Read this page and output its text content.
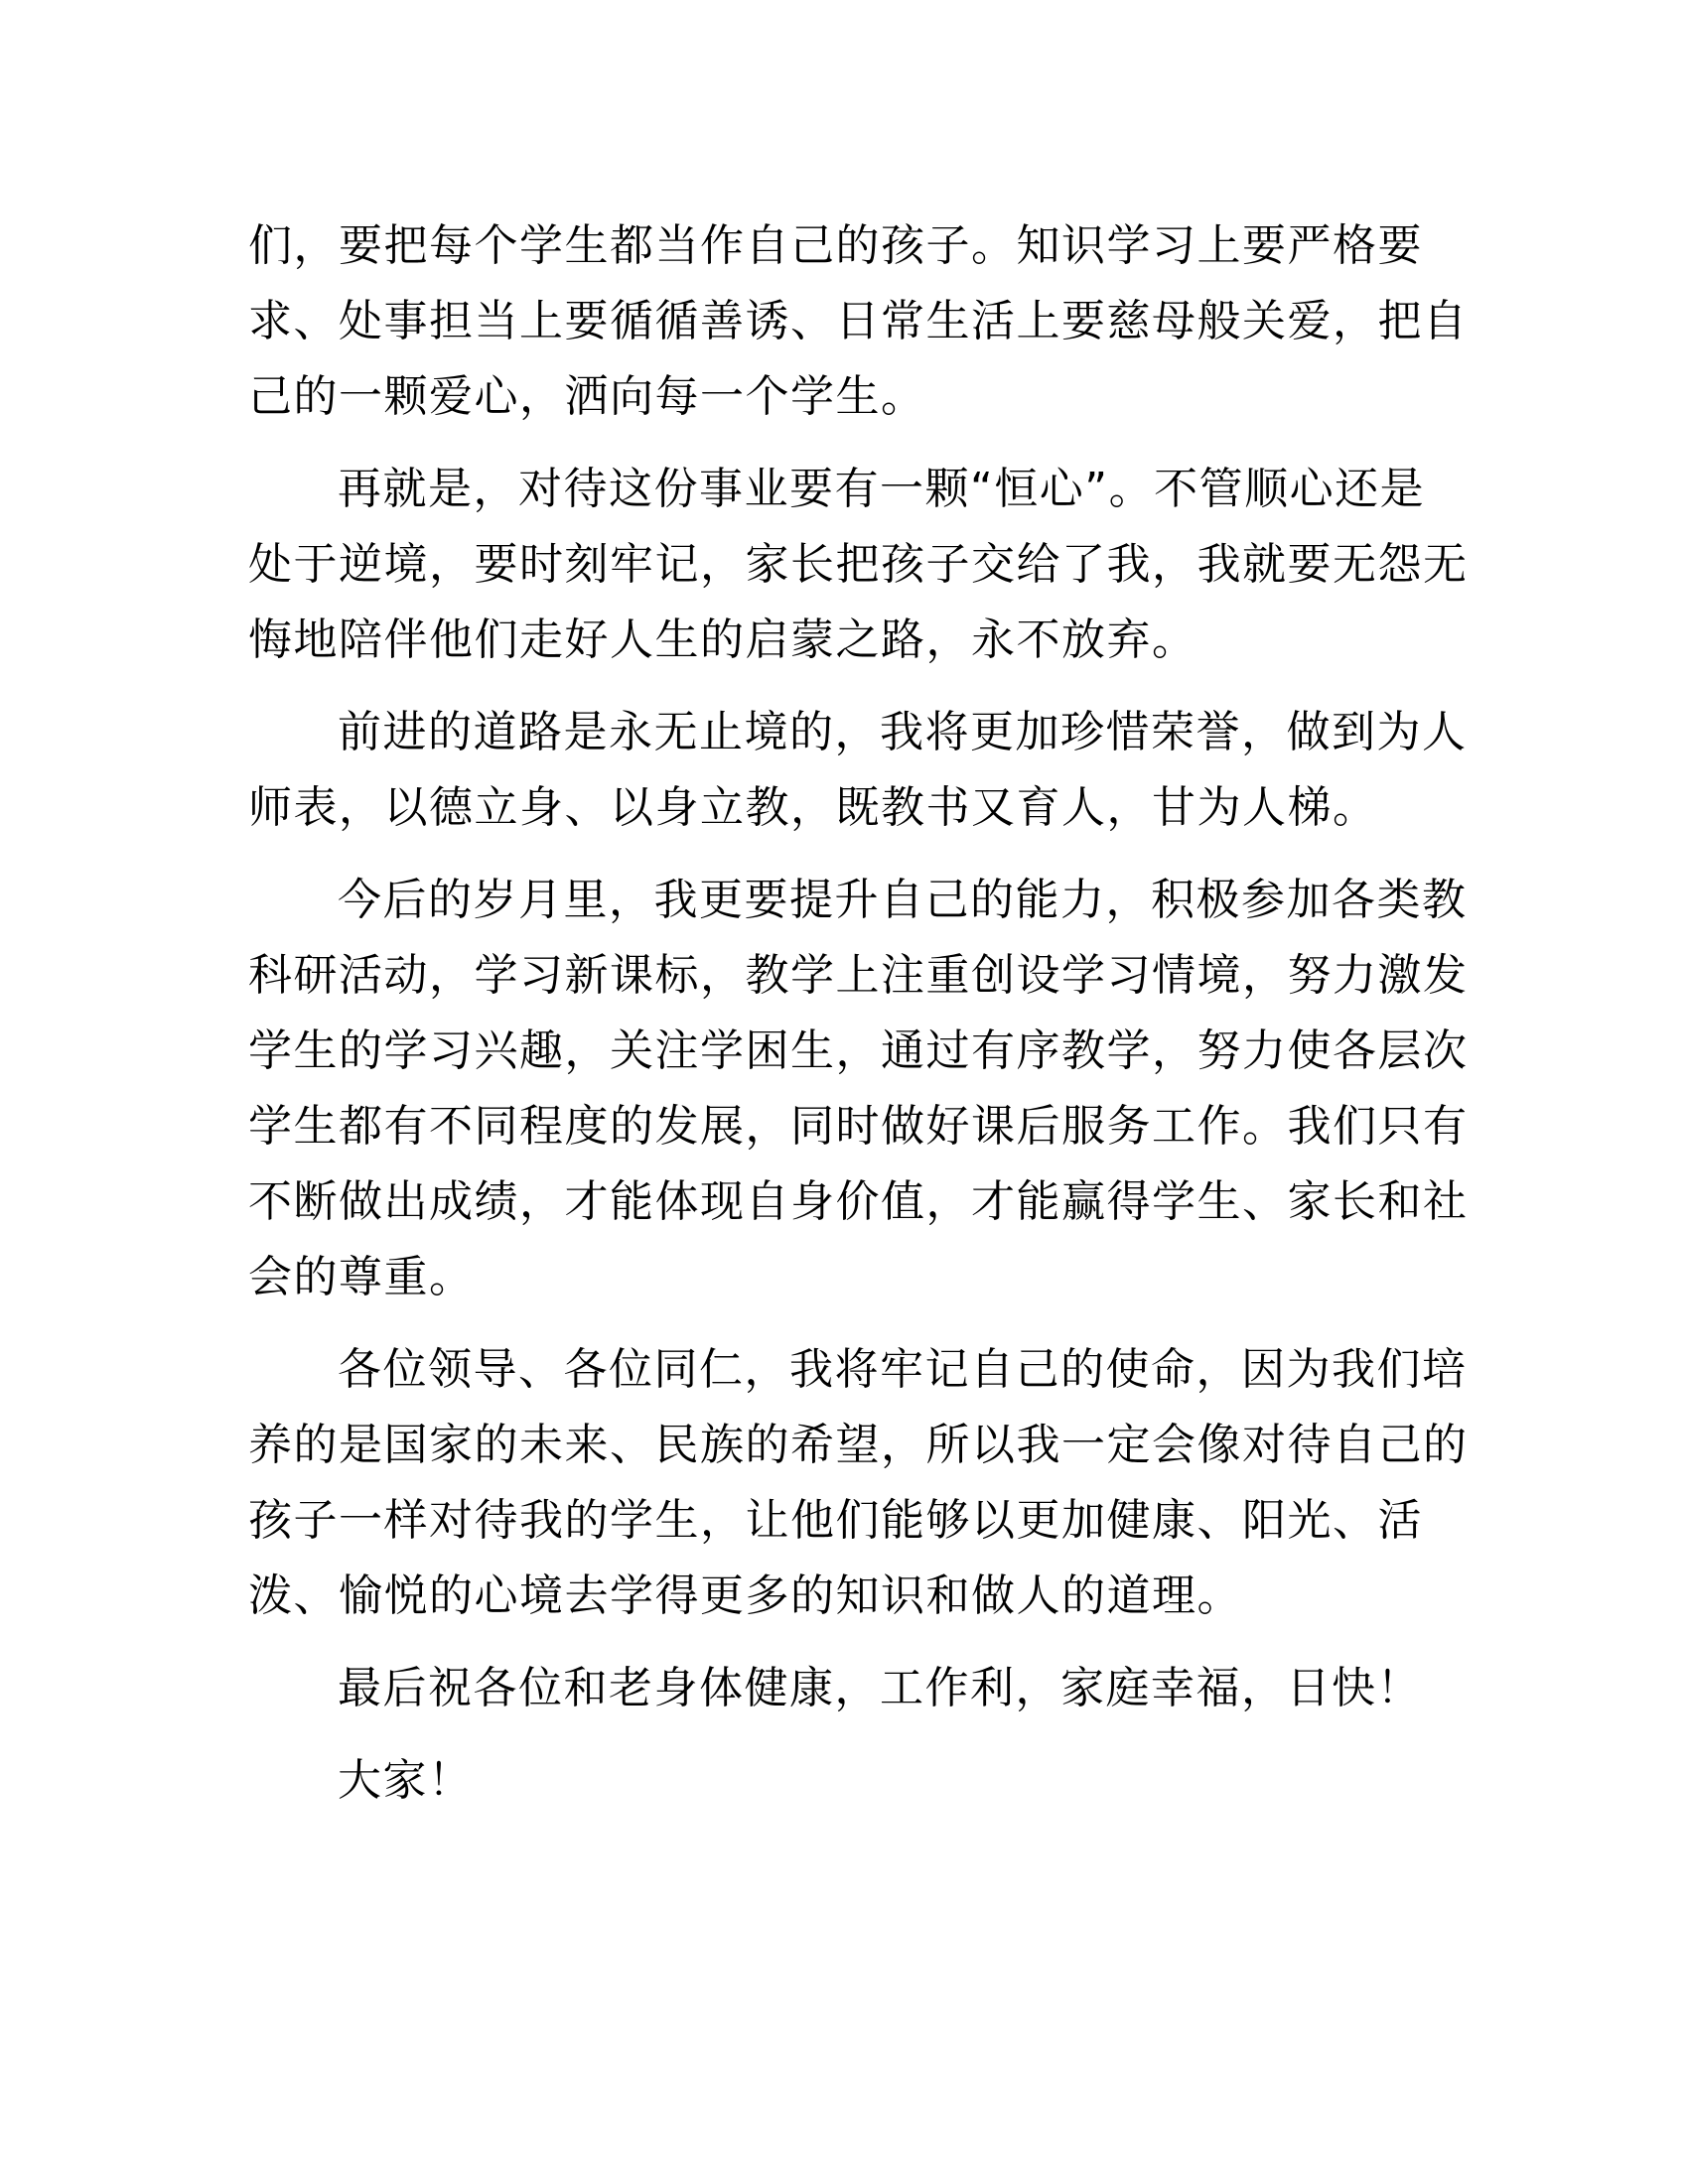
们，要把每个学生都当作自己的孩子。知识学习上要严格要
求、处事担当上要循循善诱、日常生活上要慈母般关爱，把自
己的一颗爱心，洒向每一个学生。
再就是，对待这份事业要有一颗“恒心”。不管顺心还是
处于逆境，要时刻牢记，家长把孩子交给了我，我就要无怨无
悔地陪伴他们走好人生的启蒙之路，永不放弃。
前进的道路是永无止境的，我将更加珍惜荣誉，做到为人
师表，以德立身、以身立教，既教书又育人，甘为人梯。
今后的岁月里，我更要提升自己的能力，积极参加各类教
科研活动，学习新课标，教学上注重创设学习情境，努力激发
学生的学习兴趣，关注学困生，通过有序教学，努力使各层次
学生都有不同程度的发展，同时做好课后服务工作。我们只有
不断做出成绩，才能体现自身价值，才能赢得学生、家长和社
会的尊重。
各位领导、各位同仁，我将牢记自己的使命，因为我们培
养的是国家的未来、民族的希望，所以我一定会像对待自己的
孩子一样对待我的学生，让他们能够以更加健康、阳光、活
泼、愉悦的心境去学得更多的知识和做人的道理。
最后祝各位和老身体健康，工作利，家庭幸福，日快！
大家！
